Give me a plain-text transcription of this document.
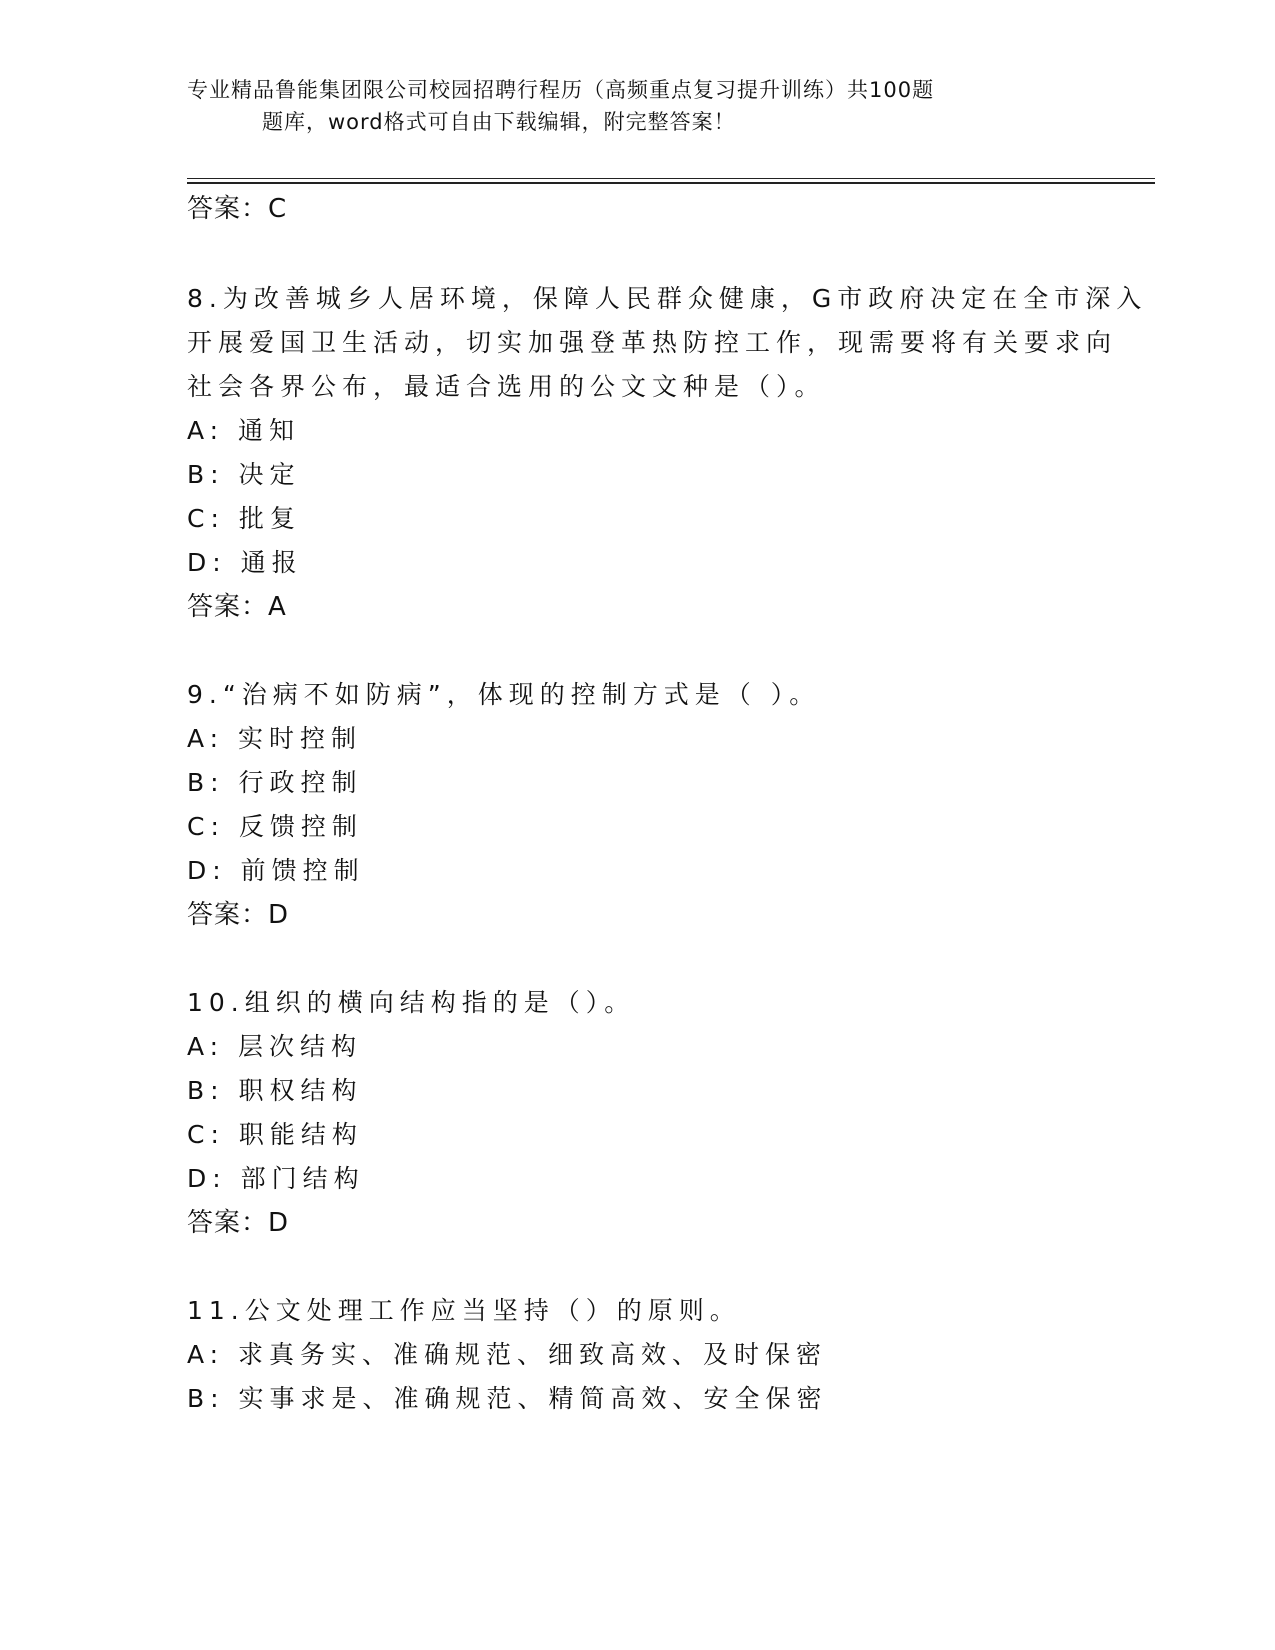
专业精品鲁能集团限公司校园招聘行程历（高频重点复习提升训练）共100题
题库，word格式可自由下载编辑，附完整答案！
答案：C
8.为改善城乡人居环境，保障人民群众健康，G市政府决定在全市深入
开展爱国卫生活动，切实加强登革热防控工作，现需要将有关要求向
社会各界公布，最适合选用的公文文种是（）。
A: 通知
B: 决定
C: 批复
D: 通报
答案：A
9.“治病不如防病”，体现的控制方式是（ ）。
A: 实时控制
B: 行政控制
C: 反馈控制
D: 前馈控制
答案：D
10.组织的横向结构指的是（）。
A: 层次结构
B: 职权结构
C: 职能结构
D: 部门结构
答案：D
11.公文处理工作应当坚持（）的原则。
A: 求真务实、准确规范、细致高效、及时保密
B: 实事求是、准确规范、精简高效、安全保密
